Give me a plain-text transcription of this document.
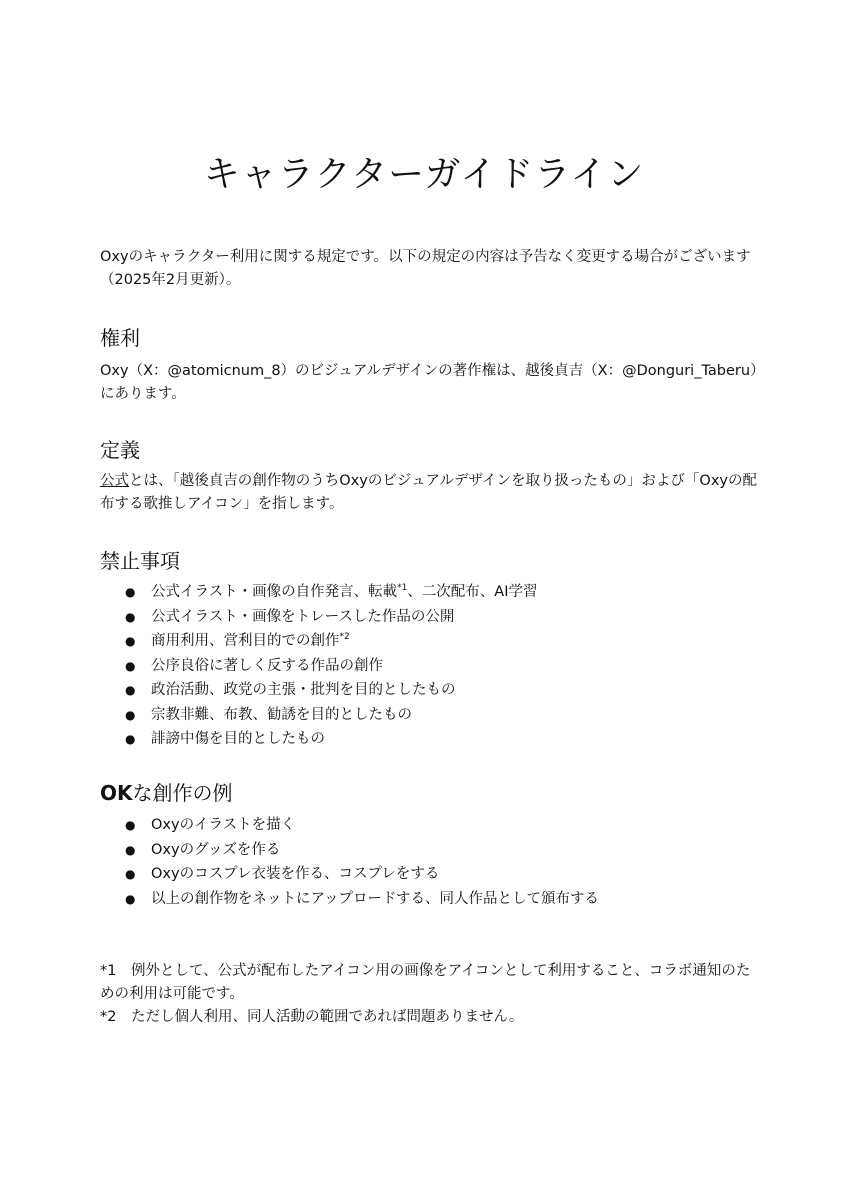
キャラクターガイドライン

Oxyのキャラクター利用に関する規定です。以下の規定の内容は予告なく変更する場合がございます（2025年2月更新）。

権利

Oxy（X：@atomicnum_8）のビジュアルデザインの著作権は、越後貞吉（X：@Donguri_Taberu）にあります。

定義

公式とは、「越後貞吉の創作物のうちOxyのビジュアルデザインを取り扱ったもの」および「Oxyの配布する歌推しアイコン」を指します。

禁止事項
● 公式イラスト・画像の自作発言、転載$^{*1}$、二次配布、AI学習
● 公式イラスト・画像をトレースした作品の公開
● 商用利用、営利目的での創作$^{*2}$
● 公序良俗に著しく反する作品の創作
● 政治活動、政党の主張・批判を目的としたもの
● 宗教非難、布教、勧誘を目的としたもの
● 誹謗中傷を目的としたもの
OKな創作の例
● Oxyのイラストを描く
● Oxyのグッズを作る
● Oxyのコスプレ衣装を作る、コスプレをする
● 以上の創作物をネットにアップロードする、同人作品として頒布する

*1　例外として、公式が配布したアイコン用の画像をアイコンとして利用すること、コラボ通知のための利用は可能です。

*2　ただし個人利用、同人活動の範囲であれば問題ありません。
